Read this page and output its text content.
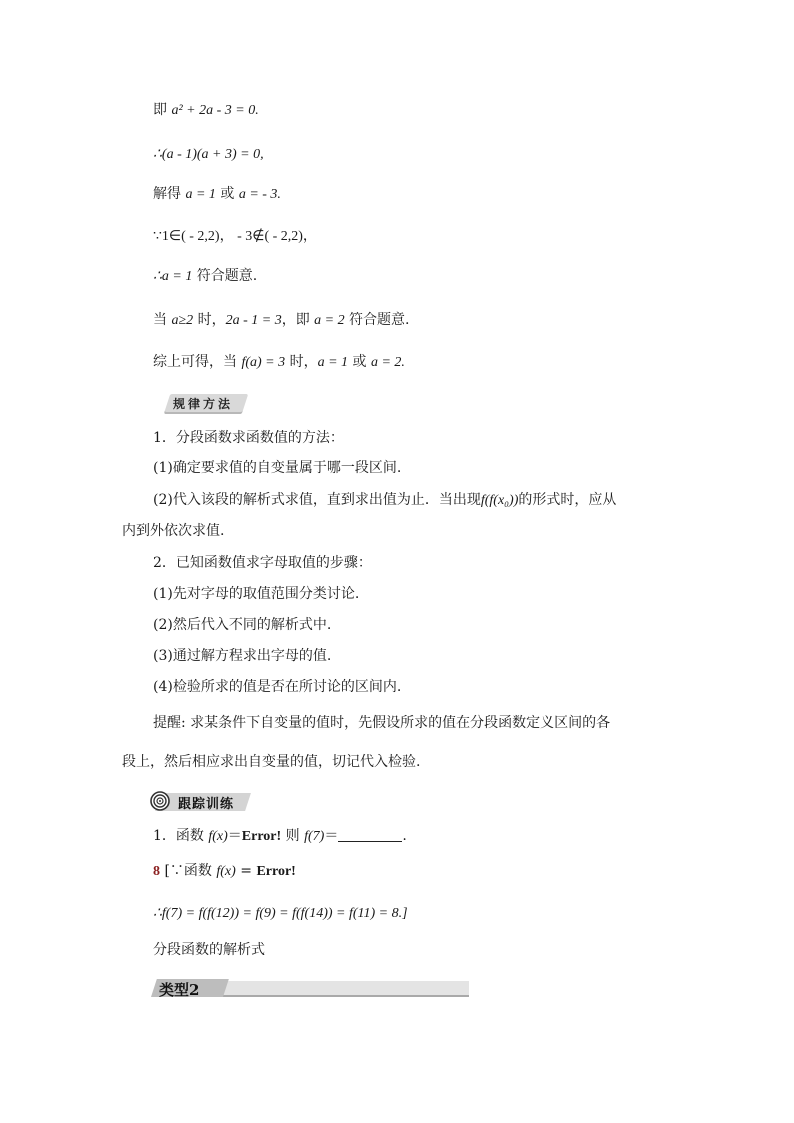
即 a² + 2a - 3 = 0.
∴(a - 1)(a + 3) = 0,
解得 a = 1 或 a = - 3.
∵1∈( - 2,2)， - 3∉( - 2,2)，
∴a = 1 符合题意.
当 a≥2 时，2a - 1 = 3，即 a = 2 符合题意.
综上可得，当 f(a) = 3 时，a = 1 或 a = 2.
规律方法
1．分段函数求函数值的方法：
(1)确定要求值的自变量属于哪一段区间.
(2)代入该段的解析式求值，直到求出值为止．当出现f(f(x₀))的形式时，应从
内到外依次求值.
2．已知函数值求字母取值的步骤：
(1)先对字母的取值范围分类讨论.
(2)然后代入不同的解析式中.
(3)通过解方程求出字母的值.
(4)检验所求的值是否在所讨论的区间内.
提醒: 求某条件下自变量的值时，先假设所求的值在分段函数定义区间的各
段上，然后相应求出自变量的值，切记代入检验.
跟踪训练
1．函数 f(x)＝Error! 则 f(7)＝	.
8 [∵函数 f(x) = Error!
∴f(7) = f(f(12)) = f(9) = f(f(14)) = f(11) = 8.]
分段函数的解析式
类型2
